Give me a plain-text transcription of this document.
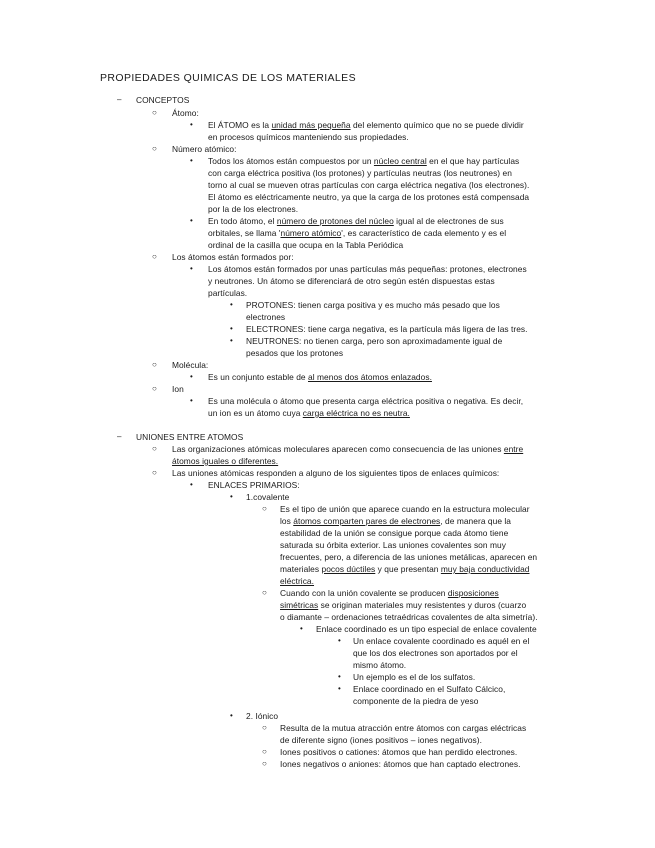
PROPIEDADES QUIMICAS DE LOS MATERIALES
– CONCEPTOS
○ Átomo:
• El ÁTOMO es la unidad más pequeña del elemento químico que no se puede dividir
en procesos químicos manteniendo sus propiedades.
○ Número atómico:
• Todos los átomos están compuestos por un núcleo central en el que hay partículas
con carga eléctrica positiva (los protones) y partículas neutras (los neutrones) en
torno al cual se mueven otras partículas con carga eléctrica negativa (los electrones).
El átomo es eléctricamente neutro, ya que la carga de los protones está compensada
por la de los electrones.
• En todo átomo, el número de protones del núcleo igual al de electrones de sus
orbitales, se llama 'número atómico', es característico de cada elemento y es el
ordinal de la casilla que ocupa en la Tabla Periódica
○ Los átomos están formados por:
• Los átomos están formados por unas partículas más pequeñas: protones, electrones
y neutrones. Un átomo se diferenciará de otro según estén dispuestas estas
partículas.
• PROTONES: tienen carga positiva y es mucho más pesado que los
electrones
• ELECTRONES: tiene carga negativa, es la partícula más ligera de las tres.
• NEUTRONES: no tienen carga, pero son aproximadamente igual de
pesados que los protones
○ Molécula:
• Es un conjunto estable de al menos dos átomos enlazados.
○ Ion
• Es una molécula o átomo que presenta carga eléctrica positiva o negativa. Es decir,
un ion es un átomo cuya carga eléctrica no es neutra.
– UNIONES ENTRE ATOMOS
○ Las organizaciones atómicas moleculares aparecen como consecuencia de las uniones entre
átomos iguales o diferentes.
○ Las uniones atómicas responden a alguno de los siguientes tipos de enlaces químicos:
• ENLACES PRIMARIOS:
• 1.covalente
○ Es el tipo de unión que aparece cuando en la estructura molecular
los átomos comparten pares de electrones, de manera que la
estabilidad de la unión se consigue porque cada átomo tiene
saturada su órbita exterior. Las uniones covalentes son muy
frecuentes, pero, a diferencia de las uniones metálicas, aparecen en
materiales pocos dúctiles y que presentan muy baja conductividad
eléctrica.
○ Cuando con la unión covalente se producen disposiciones
simétricas se originan materiales muy resistentes y duros (cuarzo
o diamante – ordenaciones tetraédricas covalentes de alta simetría).
• Enlace coordinado es un tipo especial de enlace covalente
• Un enlace covalente coordinado es aquél en el
que los dos electrones son aportados por el
mismo átomo.
• Un ejemplo es el de los sulfatos.
• Enlace coordinado en el Sulfato Cálcico,
componente de la piedra de yeso
• 2. Iónico
○ Resulta de la mutua atracción entre átomos con cargas eléctricas
de diferente signo (iones positivos – iones negativos).
○ Iones positivos o cationes: átomos que han perdido electrones.
○ Iones negativos o aniones: átomos que han captado electrones.
